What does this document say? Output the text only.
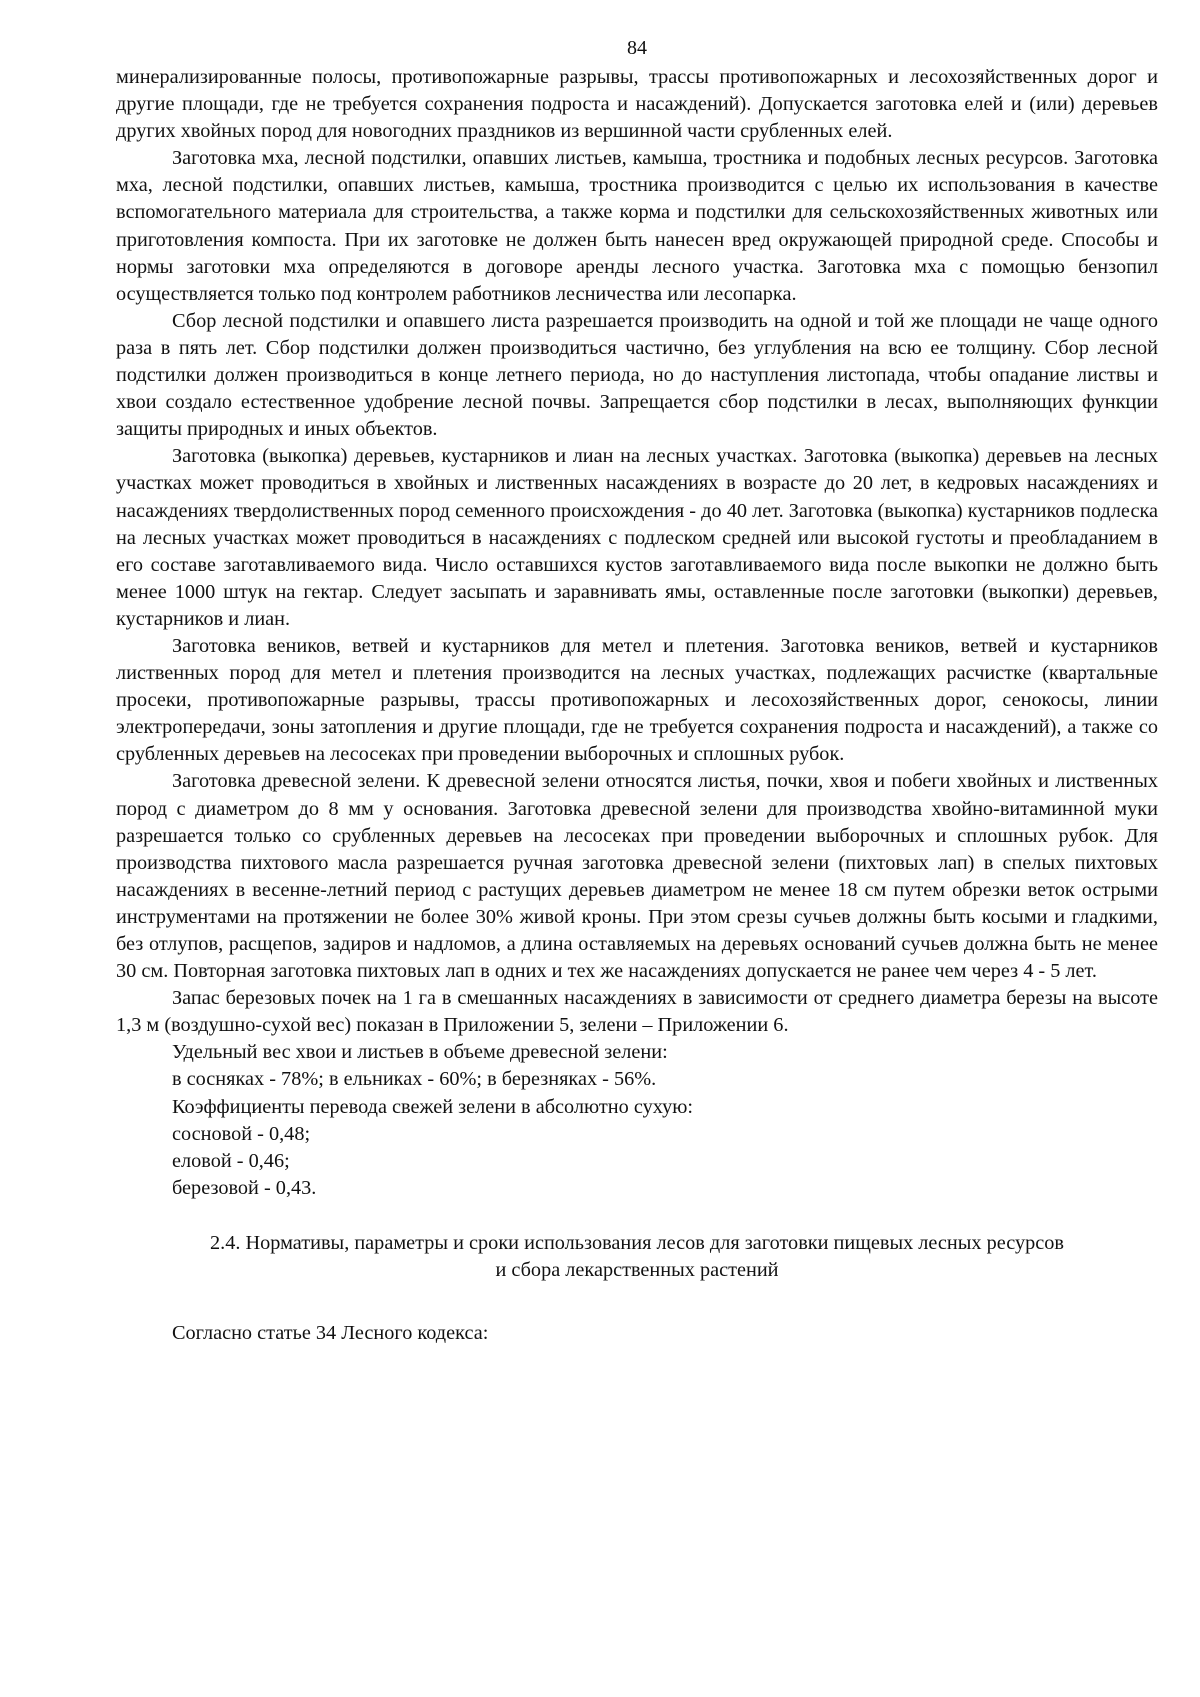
84

минерализированные полосы, противопожарные разрывы, трассы противопожарных и лесохозяйственных дорог и другие площади, где не требуется сохранения подроста и насаждений). Допускается заготовка елей и (или) деревьев других хвойных пород для новогодних праздников из вершинной части срубленных елей.

Заготовка мха, лесной подстилки, опавших листьев, камыша, тростника и подобных лесных ресурсов. Заготовка мха, лесной подстилки, опавших листьев, камыша, тростника производится с целью их использования в качестве вспомогательного материала для строительства, а также корма и подстилки для сельскохозяйственных животных или приготовления компоста. При их заготовке не должен быть нанесен вред окружающей природной среде. Способы и нормы заготовки мха определяются в договоре аренды лесного участка. Заготовка мха с помощью бензопил осуществляется только под контролем работников лесничества или лесопарка.

Сбор лесной подстилки и опавшего листа разрешается производить на одной и той же площади не чаще одного раза в пять лет. Сбор подстилки должен производиться частично, без углубления на всю ее толщину. Сбор лесной подстилки должен производиться в конце летнего периода, но до наступления листопада, чтобы опадание листвы и хвои создало естественное удобрение лесной почвы. Запрещается сбор подстилки в лесах, выполняющих функции защиты природных и иных объектов.

Заготовка (выкопка) деревьев, кустарников и лиан на лесных участках. Заготовка (выкопка) деревьев на лесных участках может проводиться в хвойных и лиственных насаждениях в возрасте до 20 лет, в кедровых насаждениях и насаждениях твердолиственных пород семенного происхождения - до 40 лет. Заготовка (выкопка) кустарников подлеска на лесных участках может проводиться в насаждениях с подлеском средней или высокой густоты и преобладанием в его составе заготавливаемого вида. Число оставшихся кустов заготавливаемого вида после выкопки не должно быть менее 1000 штук на гектар. Следует засыпать и заравнивать ямы, оставленные после заготовки (выкопки) деревьев, кустарников и лиан.

Заготовка веников, ветвей и кустарников для метел и плетения. Заготовка веников, ветвей и кустарников лиственных пород для метел и плетения производится на лесных участках, подлежащих расчистке (квартальные просеки, противопожарные разрывы, трассы противопожарных и лесохозяйственных дорог, сенокосы, линии электропередачи, зоны затопления и другие площади, где не требуется сохранения подроста и насаждений), а также со срубленных деревьев на лесосеках при проведении выборочных и сплошных рубок.

Заготовка древесной зелени. К древесной зелени относятся листья, почки, хвоя и побеги хвойных и лиственных пород с диаметром до 8 мм у основания. Заготовка древесной зелени для производства хвойно-витаминной муки разрешается только со срубленных деревьев на лесосеках при проведении выборочных и сплошных рубок. Для производства пихтового масла разрешается ручная заготовка древесной зелени (пихтовых лап) в спелых пихтовых насаждениях в весенне-летний период с растущих деревьев диаметром не менее 18 см путем обрезки веток острыми инструментами на протяжении не более 30% живой кроны. При этом срезы сучьев должны быть косыми и гладкими, без отлупов, расщепов, задиров и надломов, а длина оставляемых на деревьях оснований сучьев должна быть не менее 30 см. Повторная заготовка пихтовых лап в одних и тех же насаждениях допускается не ранее чем через 4 - 5 лет.

Запас березовых почек на 1 га в смешанных насаждениях в зависимости от среднего диаметра березы на высоте 1,3 м (воздушно-сухой вес) показан в Приложении 5, зелени – Приложении 6.

Удельный вес хвои и листьев в объеме древесной зелени:

в сосняках - 78%; в ельниках - 60%; в березняках - 56%.

Коэффициенты перевода свежей зелени в абсолютно сухую:

сосновой - 0,48;

еловой - 0,46;

березовой - 0,43.

2.4. Нормативы, параметры и сроки использования лесов для заготовки пищевых лесных ресурсов
и сбора лекарственных растений

Согласно статье 34 Лесного кодекса:
